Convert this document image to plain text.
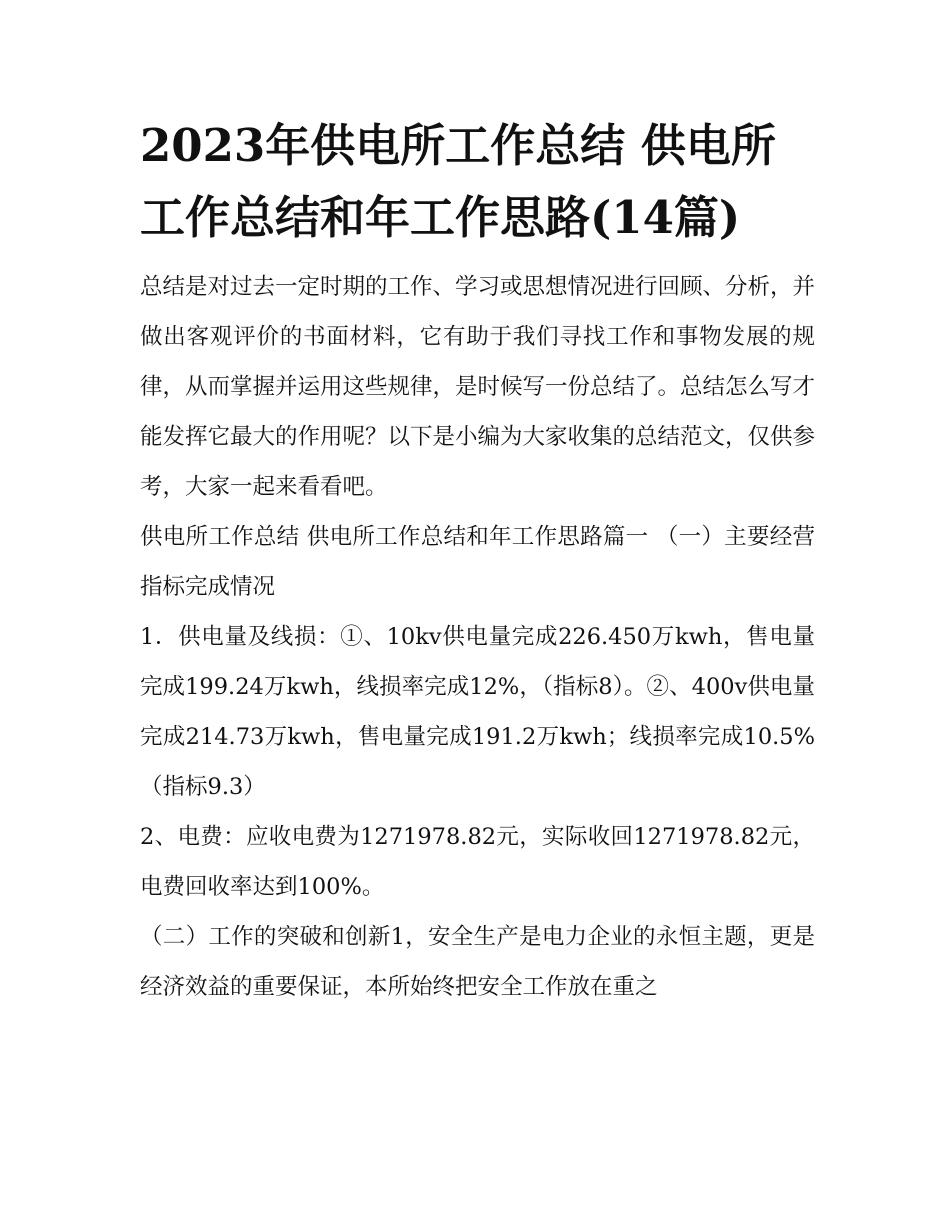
2023年供电所工作总结 供电所工作总结和年工作思路(14篇)

总结是对过去一定时期的工作、学习或思想情况进行回顾、分析，并做出客观评价的书面材料，它有助于我们寻找工作和事物发展的规律，从而掌握并运用这些规律，是时候写一份总结了。总结怎么写才能发挥它最大的作用呢？以下是小编为大家收集的总结范文，仅供参考，大家一起来看看吧。

供电所工作总结 供电所工作总结和年工作思路篇一 （一）主要经营指标完成情况

1．供电量及线损：①、10kv供电量完成226.450万kwh，售电量完成199.24万kwh，线损率完成12%，（指标8）。②、400v供电量完成214.73万kwh，售电量完成191.2万kwh；线损率完成10.5%（指标9.3）

2、电费：应收电费为1271978.82元，实际收回1271978.82元，电费回收率达到100%。

（二）工作的突破和创新1，安全生产是电力企业的永恒主题，更是经济效益的重要保证，本所始终把安全工作放在重之
